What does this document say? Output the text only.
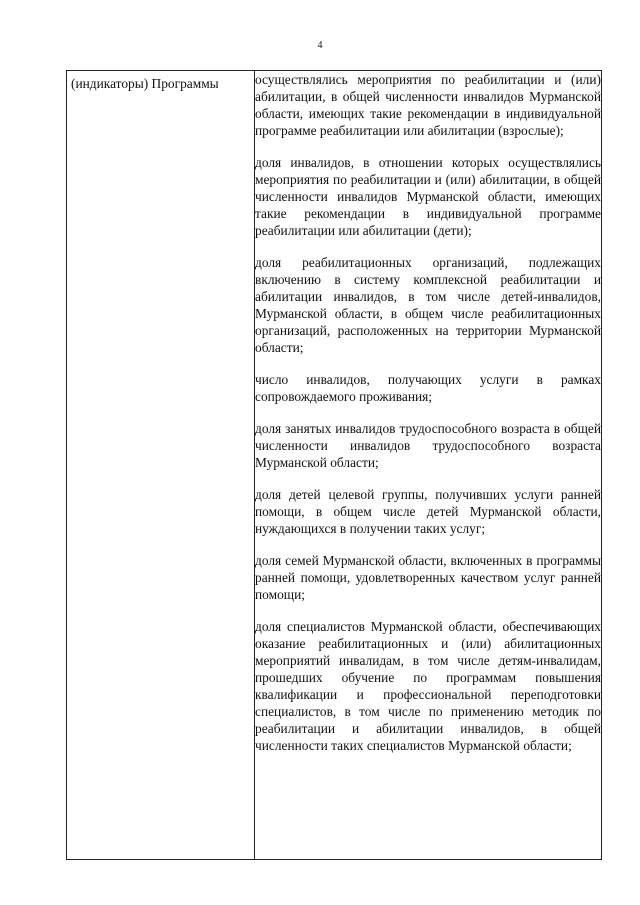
4
(индикаторы) Программы	осуществлялись мероприятия по реабилитации и (или) абилитации, в общей численности инвалидов Мурманской области, имеющих такие рекомендации в индивидуальной программе реабилитации или абилитации (взрослые);

доля инвалидов, в отношении которых осуществлялись мероприятия по реабилитации и (или) абилитации, в общей численности инвалидов Мурманской области, имеющих такие рекомендации в индивидуальной программе реабилитации или абилитации (дети);

доля реабилитационных организаций, подлежащих включению в систему комплексной реабилитации и абилитации инвалидов, в том числе детей-инвалидов, Мурманской области, в общем числе реабилитационных организаций, расположенных на территории Мурманской области;

число инвалидов, получающих услуги в рамках сопровождаемого проживания;

доля занятых инвалидов трудоспособного возраста в общей численности инвалидов трудоспособного возраста Мурманской области;

доля детей целевой группы, получивших услуги ранней помощи, в общем числе детей Мурманской области, нуждающихся в получении таких услуг;

доля семей Мурманской области, включенных в программы ранней помощи, удовлетворенных качеством услуг ранней помощи;

доля специалистов Мурманской области, обеспечивающих оказание реабилитационных и (или) абилитационных мероприятий инвалидам, в том числе детям-инвалидам, прошедших обучение по программам повышения квалификации и профессиональной переподготовки специалистов, в том числе по применению методик по реабилитации и абилитации инвалидов, в общей численности таких специалистов Мурманской области;
